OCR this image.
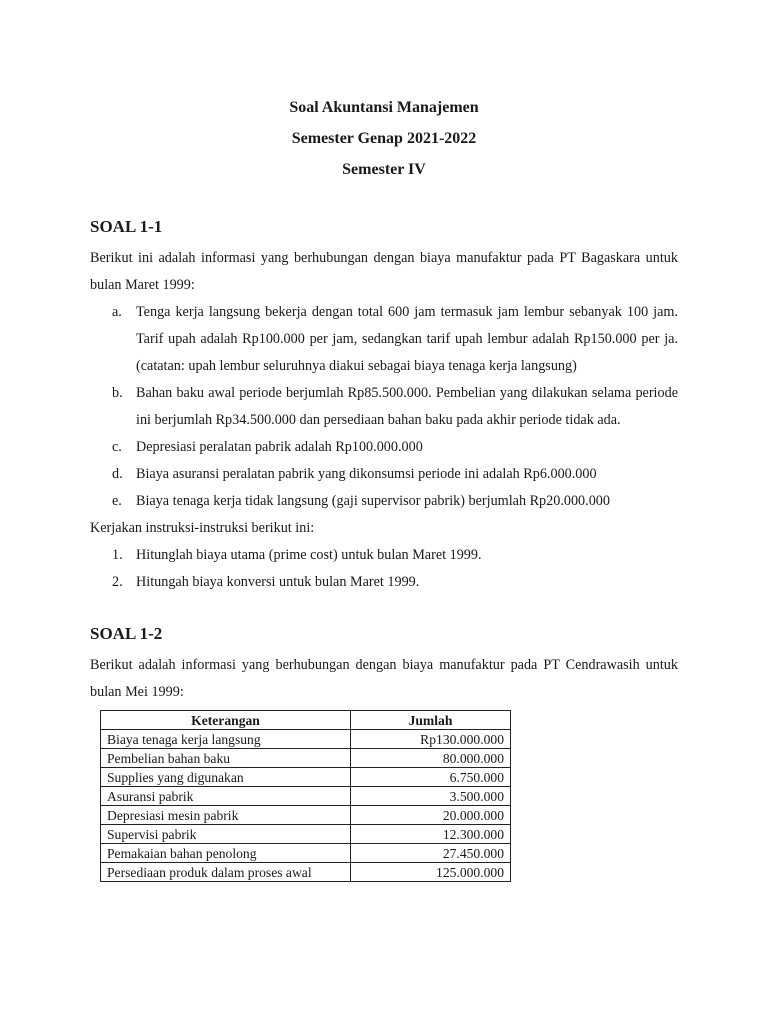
Soal Akuntansi Manajemen

Semester Genap 2021-2022

Semester IV

SOAL 1-1

Berikut ini adalah informasi yang berhubungan dengan biaya manufaktur pada PT Bagaskara untuk bulan Maret 1999:

a. Tenga kerja langsung bekerja dengan total 600 jam termasuk jam lembur sebanyak 100 jam. Tarif upah adalah Rp100.000 per jam, sedangkan tarif upah lembur adalah Rp150.000 per ja. (catatan: upah lembur seluruhnya diakui sebagai biaya tenaga kerja langsung)
b. Bahan baku awal periode berjumlah Rp85.500.000. Pembelian yang dilakukan selama periode ini berjumlah Rp34.500.000 dan persediaan bahan baku pada akhir periode tidak ada.
c. Depresiasi peralatan pabrik adalah Rp100.000.000
d. Biaya asuransi peralatan pabrik yang dikonsumsi periode ini adalah Rp6.000.000
e. Biaya tenaga kerja tidak langsung (gaji supervisor pabrik) berjumlah Rp20.000.000

Kerjakan instruksi-instruksi berikut ini:

1. Hitunglah biaya utama (prime cost) untuk bulan Maret 1999.
2. Hitungah biaya konversi untuk bulan Maret 1999.
SOAL 1-2

Berikut adalah informasi yang berhubungan dengan biaya manufaktur pada PT Cendrawasih untuk bulan Mei 1999:

Keterangan	Jumlah
Biaya tenaga kerja langsung	Rp130.000.000
Pembelian bahan baku	80.000.000
Supplies yang digunakan	6.750.000
Asuransi pabrik	3.500.000
Depresiasi mesin pabrik	20.000.000
Supervisi pabrik	12.300.000
Pemakaian bahan penolong	27.450.000
Persediaan produk dalam proses awal	125.000.000
